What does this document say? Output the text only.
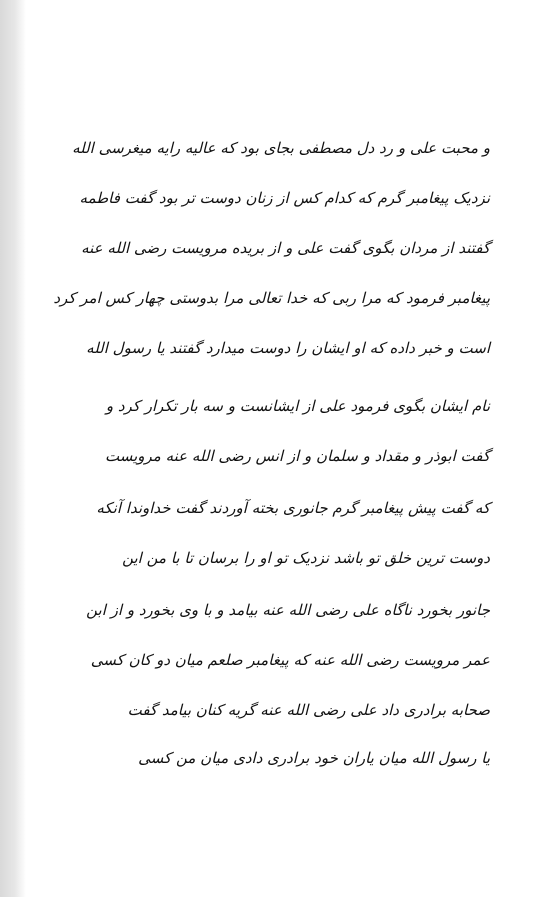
و محبت علی و رد دل مصطفی بجای بود که عالیه رایه میغرسی الله
نزدیک پیغامبر گرم که کدام کس از زنان دوست تر بود گفت فاطمه
گفتند از مردان بگوی گفت علی و از بریده مرویست رضی الله عنه
پیغامبر فرمود که مرا ربی که خدا تعالی مرا بدوستی چهار کس امر کرد
است و خبر داده که او ایشان را دوست میدارد گفتند یا رسول الله
نام ایشان بگوی فرمود علی از ایشانست و سه بار تکرار کرد و
گفت ابوذر و مقداد و سلمان و از انس رضی الله عنه مرویست
که گفت پیش پیغامبر گرم جانوری بخته آوردند گفت خداوندا آنکه
دوست ترین خلق تو باشد نزدیک تو او را برسان تا با من این
جانور بخورد ناگاه علی رضی الله عنه بیامد و با وی بخورد و از ابن
عمر مرویست رضی الله عنه که پیغامبر صلعم میان دو کان کسی
صحابه برادری داد علی رضی الله عنه گریه کنان بیامد گفت
یا رسول الله میان یاران خود برادری دادی میان من کسی
